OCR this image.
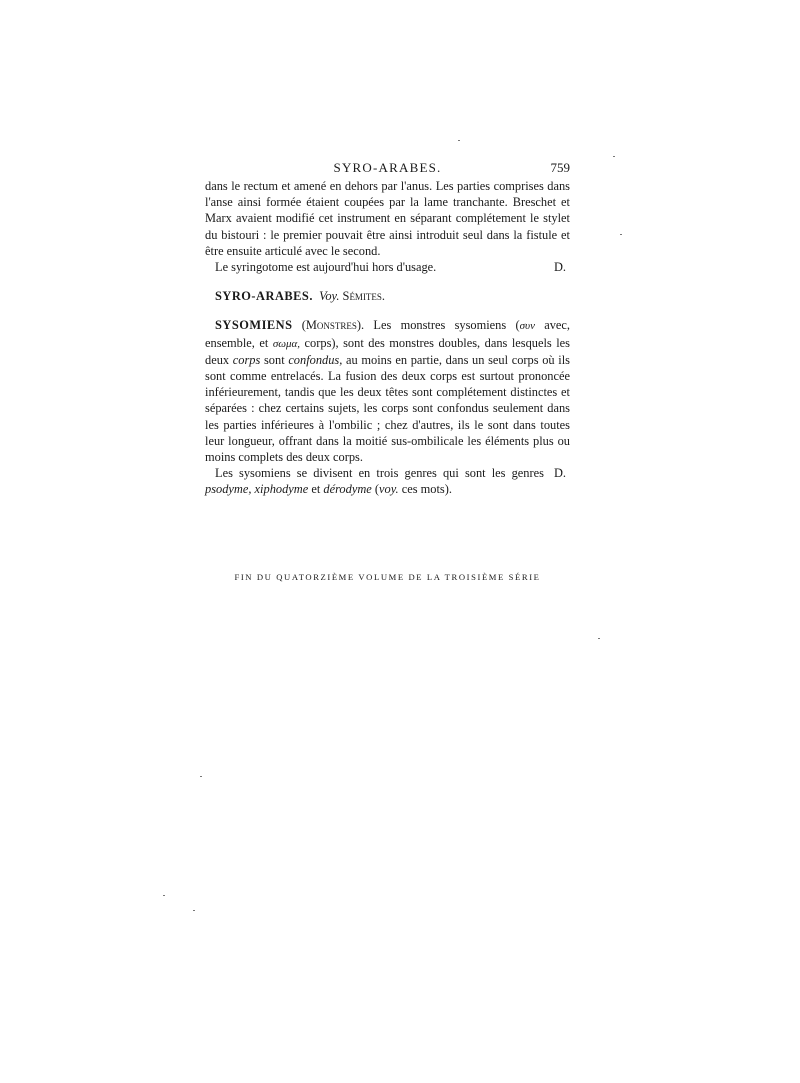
SYRO-ARABES.	759

dans le rectum et amené en dehors par l'anus. Les parties comprises dans l'anse ainsi formée étaient coupées par la lame tranchante. Breschet et Marx avaient modifié cet instrument en séparant complétement le stylet du bistouri : le premier pouvait être ainsi introduit seul dans la fistule et être ensuite articulé avec le second.

Le syringotome est aujourd'hui hors d'usage.	D.

SYRO-ARABES. Voy. Sémites.

SYSOMIENS (Monstres). Les monstres sysomiens (συν avec, ensemble, et σωμα, corps), sont des monstres doubles, dans lesquels les deux corps sont confondus, au moins en partie, dans un seul corps où ils sont comme entrelacés. La fusion des deux corps est surtout prononcée inférieurement, tandis que les deux têtes sont complétement distinctes et séparées : chez certains sujets, les corps sont confondus seulement dans les parties inférieures à l'ombilic ; chez d'autres, ils le sont dans toutes leur longueur, offrant dans la moitié sus-ombilicale les éléments plus ou moins complets des deux corps.

Les sysomiens se divisent en trois genres qui sont les genres psodyme, xiphodyme et dérodyme (voy. ces mots).
D.
FIN DU QUATORZIÈME VOLUME DE LA TROISIÈME SÉRIE
